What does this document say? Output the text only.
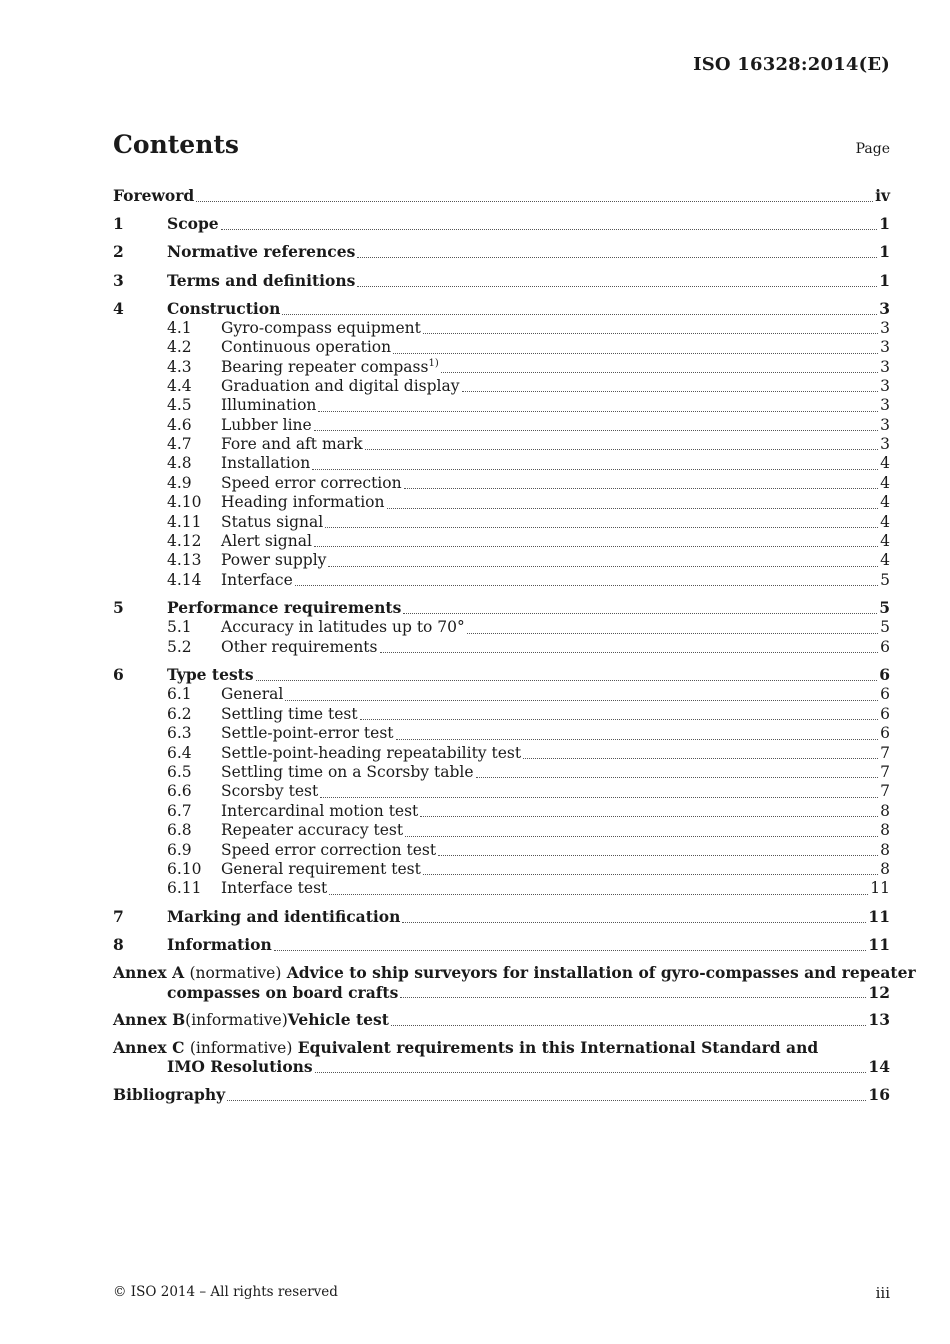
ISO 16328:2014(E)
Contents	Page
Foreword	iv
1	Scope	1
2	Normative references	1
3	Terms and definitions	1
4	Construction	3
4.1	Gyro-compass equipment	3
4.2	Continuous operation	3
4.3	Bearing repeater compass$^{1)}$	3
4.4	Graduation and digital display	3
4.5	Illumination	3
4.6	Lubber line	3
4.7	Fore and aft mark	3
4.8	Installation	4
4.9	Speed error correction	4
4.10	Heading information	4
4.11	Status signal	4
4.12	Alert signal	4
4.13	Power supply	4
4.14	Interface	5
5	Performance requirements	5
5.1	Accuracy in latitudes up to 70°	5
5.2	Other requirements	6
6	Type tests	6
6.1	General	6
6.2	Settling time test	6
6.3	Settle-point-error test	6
6.4	Settle-point-heading repeatability test	7
6.5	Settling time on a Scorsby table	7
6.6	Scorsby test	7
6.7	Intercardinal motion test	8
6.8	Repeater accuracy test	8
6.9	Speed error correction test	8
6.10	General requirement test	8
6.11	Interface test	11
7	Marking and identification	11
8	Information	11
Annex A (normative) Advice to ship surveyors for installation of gyro-compasses and repeater
compasses on board crafts	12
Annex B (informative) Vehicle test	13
Annex C (informative) Equivalent requirements in this International Standard and
IMO Resolutions	14
Bibliography	16
© ISO 2014 – All rights reserved	iii
